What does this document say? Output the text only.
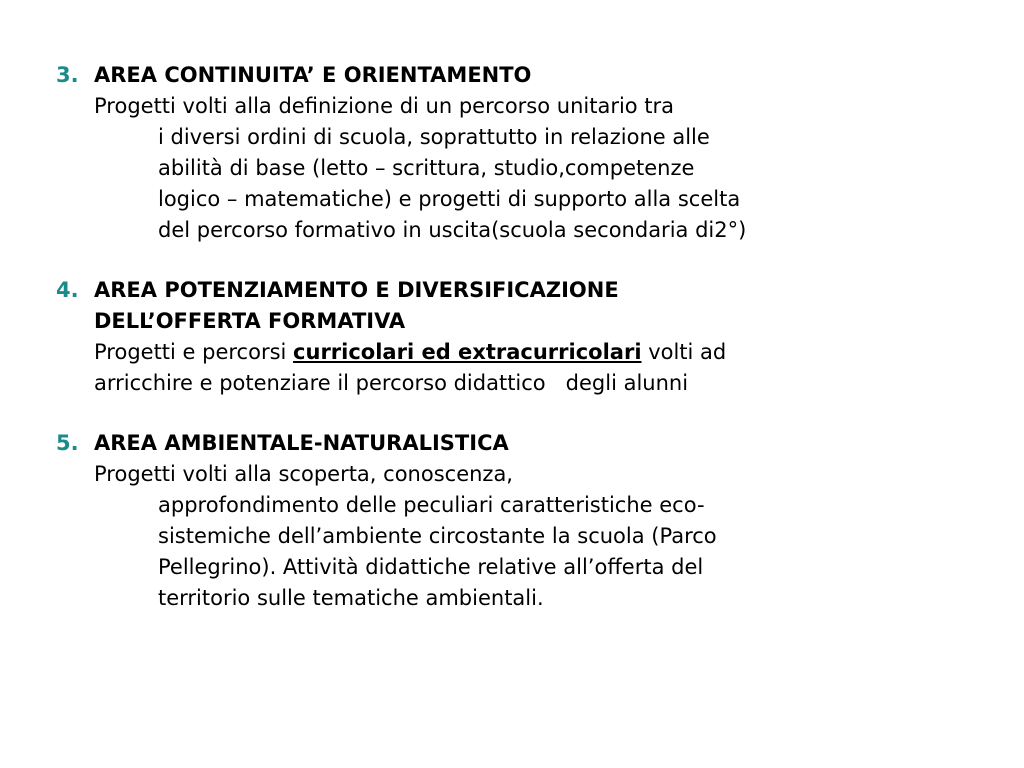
3. AREA CONTINUITA’ E ORIENTAMENTO
Progetti volti alla definizione di un percorso unitario tra
i diversi ordini di scuola, soprattutto in relazione alle
abilità di base (letto – scrittura, studio,competenze
logico – matematiche) e progetti di supporto alla scelta
del percorso formativo in uscita(scuola secondaria di2°)
4. AREA POTENZIAMENTO E DIVERSIFICAZIONE
DELL’OFFERTA FORMATIVA
Progetti e percorsi curricolari ed extracurricolari volti ad
arricchire e potenziare il percorso didattico   degli alunni
5. AREA AMBIENTALE-NATURALISTICA
Progetti volti alla scoperta, conoscenza,
approfondimento delle peculiari caratteristiche eco-
sistemiche dell’ambiente circostante la scuola (Parco
Pellegrino). Attività didattiche relative all’offerta del
territorio sulle tematiche ambientali.
